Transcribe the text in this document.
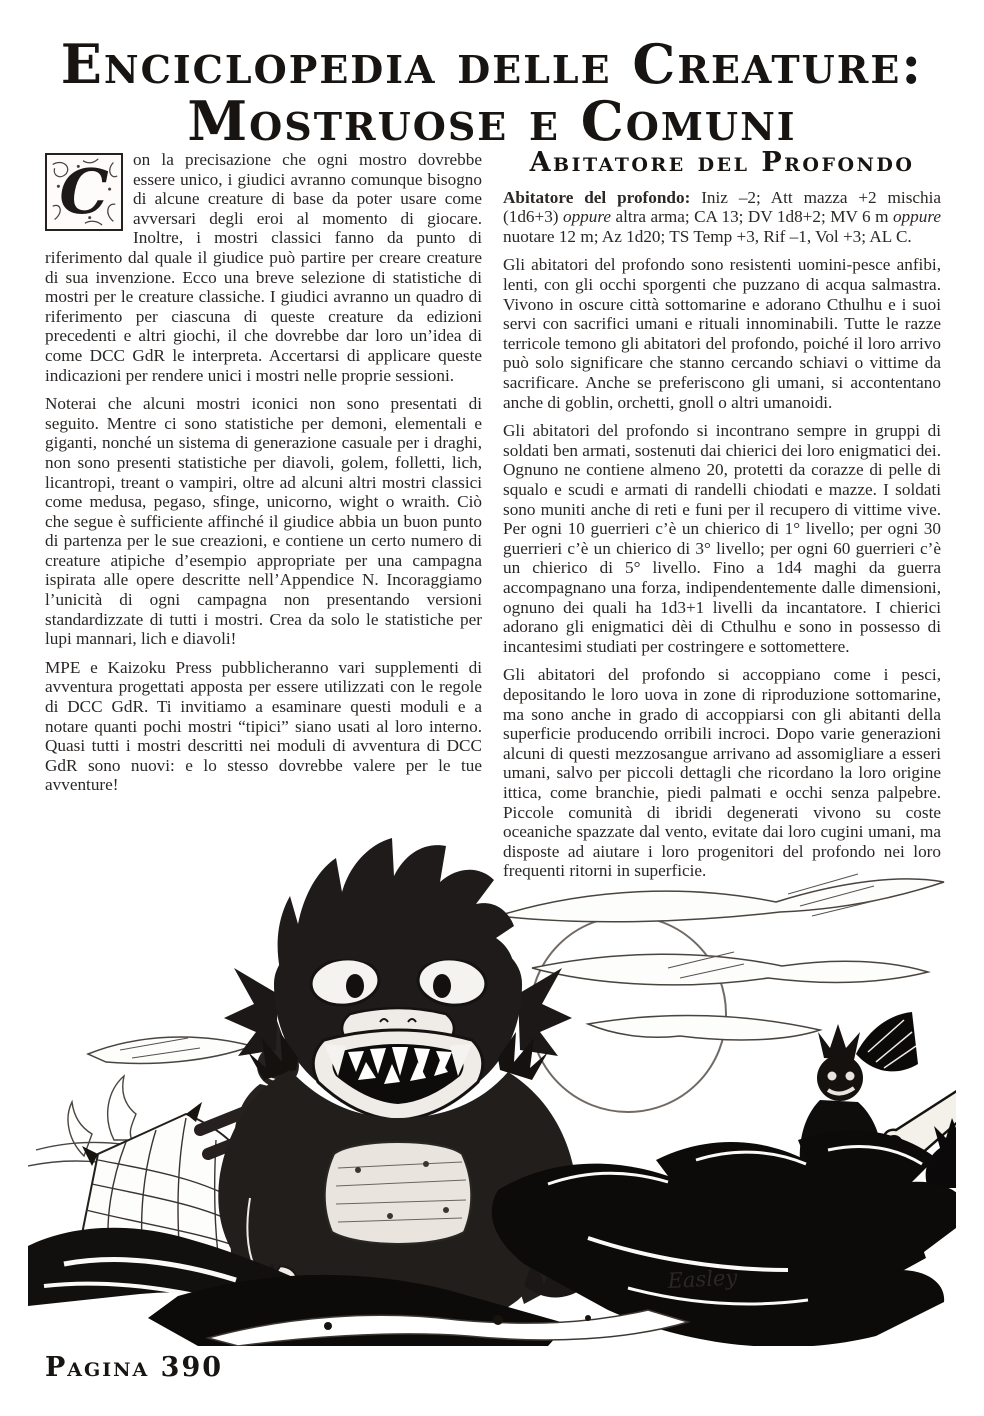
Enciclopedia delle Creature:
Mostruose e Comuni

C	on la precisazione che ogni mostro dovrebbe essere unico, i giudici avranno comunque bisogno di alcune creature di base da poter usare come avversari degli eroi al momento di giocare. Inoltre, i mostri classici fanno da punto di riferimento dal quale il giudice può partire per creare creature di sua invenzione. Ecco una breve selezione di statistiche di mostri per le creature classiche. I giudici avranno un quadro di riferimento per ciascuna di queste creature da edizioni precedenti e altri giochi, il che dovrebbe dar loro un’idea di come DCC GdR le interpreta. Accertarsi di applicare queste indicazioni per rendere unici i mostri nelle proprie sessioni.

Noterai che alcuni mostri iconici non sono presentati di seguito. Mentre ci sono statistiche per demoni, elementali e giganti, nonché un sistema di generazione casuale per i draghi, non sono presenti statistiche per diavoli, golem, folletti, lich, licantropi, treant o vampiri, oltre ad alcuni altri mostri classici come medusa, pegaso, sfinge, unicorno, wight o wraith. Ciò che segue è sufficiente affinché il giudice abbia un buon punto di partenza per le sue creazioni, e contiene un certo numero di creature atipiche d’esempio appropriate per una campagna ispirata alle opere descritte nell’Appendice N. Incoraggiamo l’unicità di ogni campagna non presentando versioni standardizzate di tutti i mostri. Crea da solo le statistiche per lupi mannari, lich e diavoli!

MPE e Kaizoku Press pubblicheranno vari supplementi di avventura progettati apposta per essere utilizzati con le regole di DCC GdR. Ti invitiamo a esaminare questi moduli e a notare quanti pochi mostri “tipici” siano usati al loro interno. Quasi tutti i mostri descritti nei moduli di avventura di DCC GdR sono nuovi: e lo stesso dovrebbe valere per le tue avventure!

Abitatore del Profondo

Abitatore del profondo: Iniz –2; Att mazza +2 mischia (1d6+3) oppure altra arma; CA 13; DV 1d8+2; MV 6 m oppure nuotare 12 m; Az 1d20; TS Temp +3, Rif –1, Vol +3; AL C.

Gli abitatori del profondo sono resistenti uomini-pesce anfibi, lenti, con gli occhi sporgenti che puzzano di acqua salmastra. Vivono in oscure città sottomarine e adorano Cthulhu e i suoi servi con sacrifici umani e rituali innominabili. Tutte le razze terricole temono gli abitatori del profondo, poiché il loro arrivo può solo significare che stanno cercando schiavi o vittime da sacrificare. Anche se preferiscono gli umani, si accontentano anche di goblin, orchetti, gnoll o altri umanoidi.

Gli abitatori del profondo si incontrano sempre in gruppi di soldati ben armati, sostenuti dai chierici dei loro enigmatici dei. Ognuno ne contiene almeno 20, protetti da corazze di pelle di squalo e scudi e armati di randelli chiodati e mazze. I soldati sono muniti anche di reti e funi per il recupero di vittime vive. Per ogni 10 guerrieri c’è un chierico di 1° livello; per ogni 30 guerrieri c’è un chierico di 3° livello; per ogni 60 guerrieri c’è un chierico di 5° livello. Fino a 1d4 maghi da guerra accompagnano una forza, indipendentemente dalle dimensioni, ognuno dei quali ha 1d3+1 livelli da incantatore. I chierici adorano gli enigmatici dèi di Cthulhu e sono in possesso di incantesimi studiati per costringere e sottomettere.

Gli abitatori del profondo si accoppiano come i pesci, depositando le loro uova in zone di riproduzione sottomarine, ma sono anche in grado di accoppiarsi con gli abitanti della superficie producendo orribili incroci. Dopo varie generazioni alcuni di questi mezzosangue arrivano ad assomigliare a esseri umani, salvo per piccoli dettagli che ricordano la loro origine ittica, come branchie, piedi palmati e occhi senza palpebre. Piccole comunità di ibridi degenerati vivono su coste oceaniche spazzate dal vento, evitate dai loro cugini umani, ma disposte ad aiutare i loro progenitori del profondo nei loro frequenti ritorni in superficie.

Easley
Pagina 390
